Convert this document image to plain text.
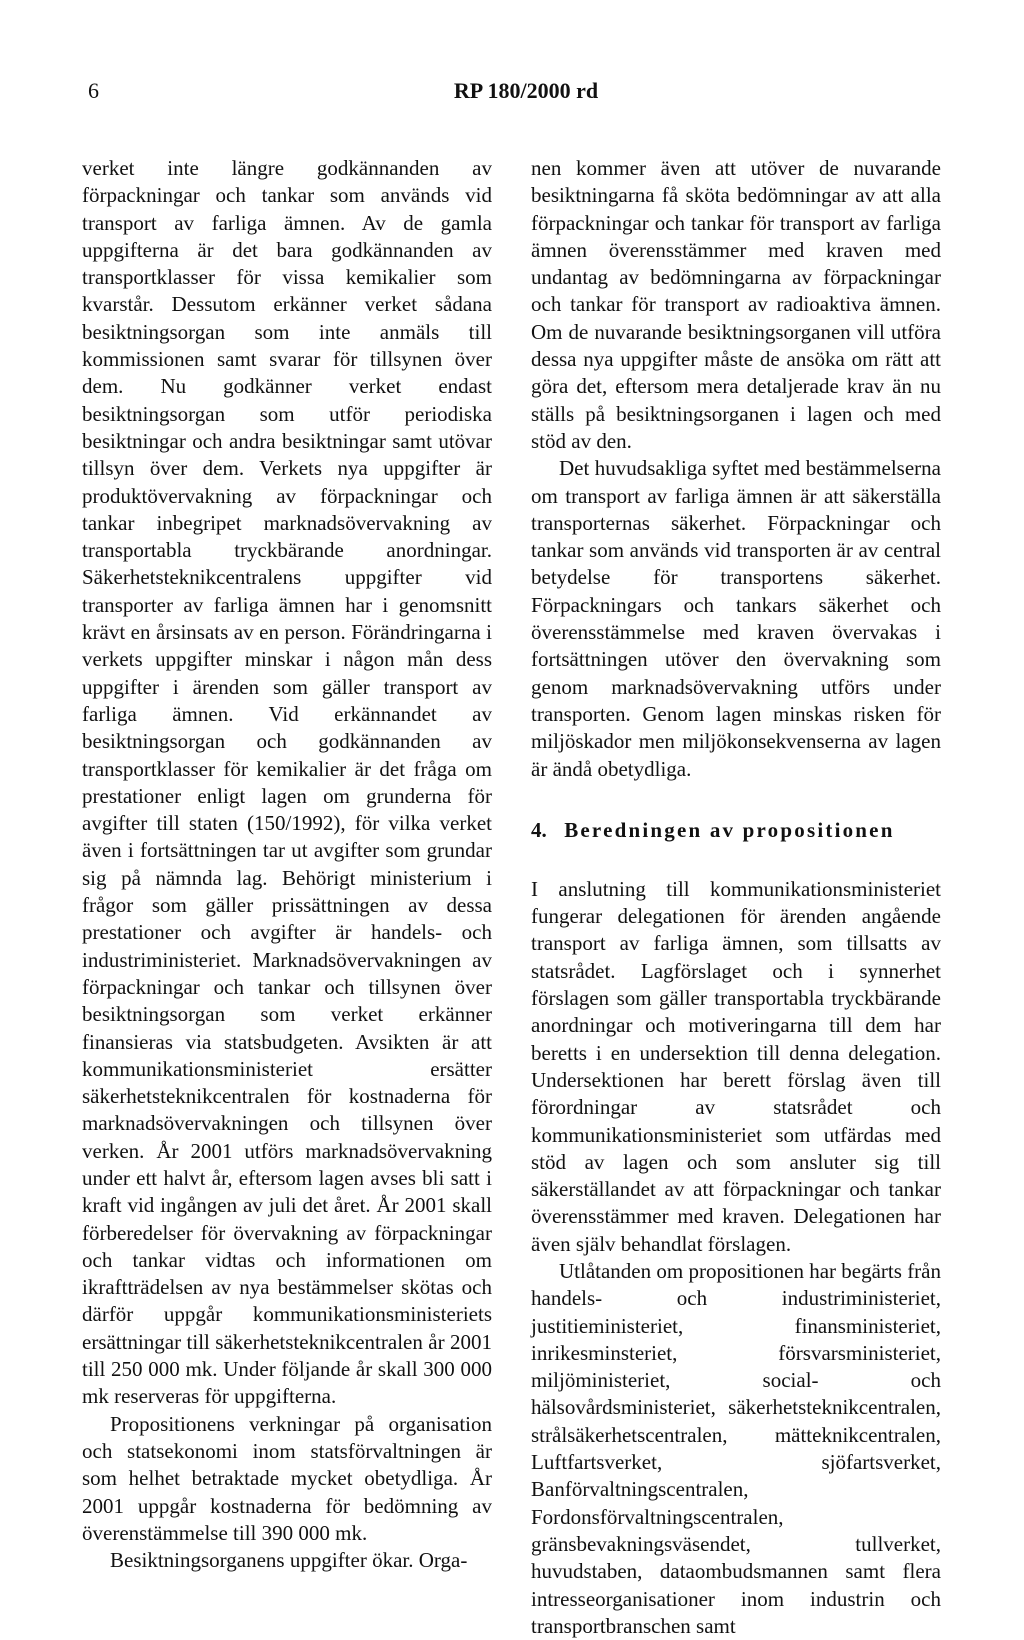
6	RP 180/2000 rd

verket inte längre godkännanden av förpackningar och tankar som används vid transport av farliga ämnen. Av de gamla uppgifterna är det bara godkännanden av transportklasser för vissa kemikalier som kvarstår. Dessutom erkänner verket sådana besiktningsorgan som inte anmäls till kommissionen samt svarar för tillsynen över dem. Nu godkänner verket endast besiktningsorgan som utför periodiska besiktningar och andra besiktningar samt utövar tillsyn över dem. Verkets nya uppgifter är produktövervakning av förpackningar och tankar inbegripet marknadsövervakning av transportabla tryckbärande anordningar. Säkerhetsteknikcentralens uppgifter vid transporter av farliga ämnen har i genomsnitt krävt en årsinsats av en person. Förändringarna i verkets uppgifter minskar i någon mån dess uppgifter i ärenden som gäller transport av farliga ämnen. Vid erkännandet av besiktningsorgan och godkännanden av transportklasser för kemikalier är det fråga om prestationer enligt lagen om grunderna för avgifter till staten (150/1992), för vilka verket även i fortsättningen tar ut avgifter som grundar sig på nämnda lag. Behörigt ministerium i frågor som gäller prissättningen av dessa prestationer och avgifter är handels- och industriministeriet. Marknadsövervakningen av förpackningar och tankar och tillsynen över besiktningsorgan som verket erkänner finansieras via statsbudgeten. Avsikten är att kommunikationsministeriet ersätter säkerhetsteknikcentralen för kostnaderna för marknadsövervakningen och tillsynen över verken. År 2001 utförs marknadsövervakning under ett halvt år, eftersom lagen avses bli satt i kraft vid ingången av juli det året. År 2001 skall förberedelser för övervakning av förpackningar och tankar vidtas och informationen om ikraftträdelsen av nya bestämmelser skötas och därför uppgår kommunikationsministeriets ersättningar till säkerhetsteknikcentralen år 2001 till 250 000 mk. Under följande år skall 300 000 mk reserveras för uppgifterna.

Propositionens verkningar på organisation och statsekonomi inom statsförvaltningen är som helhet betraktade mycket obetydliga. År 2001 uppgår kostnaderna för bedömning av överenstämmelse till 390 000 mk.

Besiktningsorganens uppgifter ökar. Orga-

nen kommer även att utöver de nuvarande besiktningarna få sköta bedömningar av att alla förpackningar och tankar för transport av farliga ämnen överensstämmer med kraven med undantag av bedömningarna av förpackningar och tankar för transport av radioaktiva ämnen. Om de nuvarande besiktningsorganen vill utföra dessa nya uppgifter måste de ansöka om rätt att göra det, eftersom mera detaljerade krav än nu ställs på besiktningsorganen i lagen och med stöd av den.

Det huvudsakliga syftet med bestämmelserna om transport av farliga ämnen är att säkerställa transporternas säkerhet. Förpackningar och tankar som används vid transporten är av central betydelse för transportens säkerhet. Förpackningars och tankars säkerhet och överensstämmelse med kraven övervakas i fortsättningen utöver den övervakning som genom marknadsövervakning utförs under transporten. Genom lagen minskas risken för miljöskador men miljökonsekvenserna av lagen är ändå obetydliga.

4. Beredningen av propositionen

I anslutning till kommunikationsministeriet fungerar delegationen för ärenden angående transport av farliga ämnen, som tillsatts av statsrådet. Lagförslaget och i synnerhet förslagen som gäller transportabla tryckbärande anordningar och motiveringarna till dem har beretts i en undersektion till denna delegation. Undersektionen har berett förslag även till förordningar av statsrådet och kommunikationsministeriet som utfärdas med stöd av lagen och som ansluter sig till säkerställandet av att förpackningar och tankar överensstämmer med kraven. Delegationen har även själv behandlat förslagen.

Utlåtanden om propositionen har begärts från handels- och industriministeriet, justitieministeriet, finansministeriet, inrikesminsteriet, försvarsministeriet, miljöministeriet, social- och hälsovårdsministeriet, säkerhetsteknikcentralen, strålsäkerhetscentralen, mätteknikcentralen, Luftfartsverket, sjöfartsverket, Banförvaltningscentralen, Fordonsförvaltningscentralen, gränsbevakningsväsendet, tullverket, huvudstaben, dataombudsmannen samt flera intresseorganisationer inom industrin och transportbranschen samt
